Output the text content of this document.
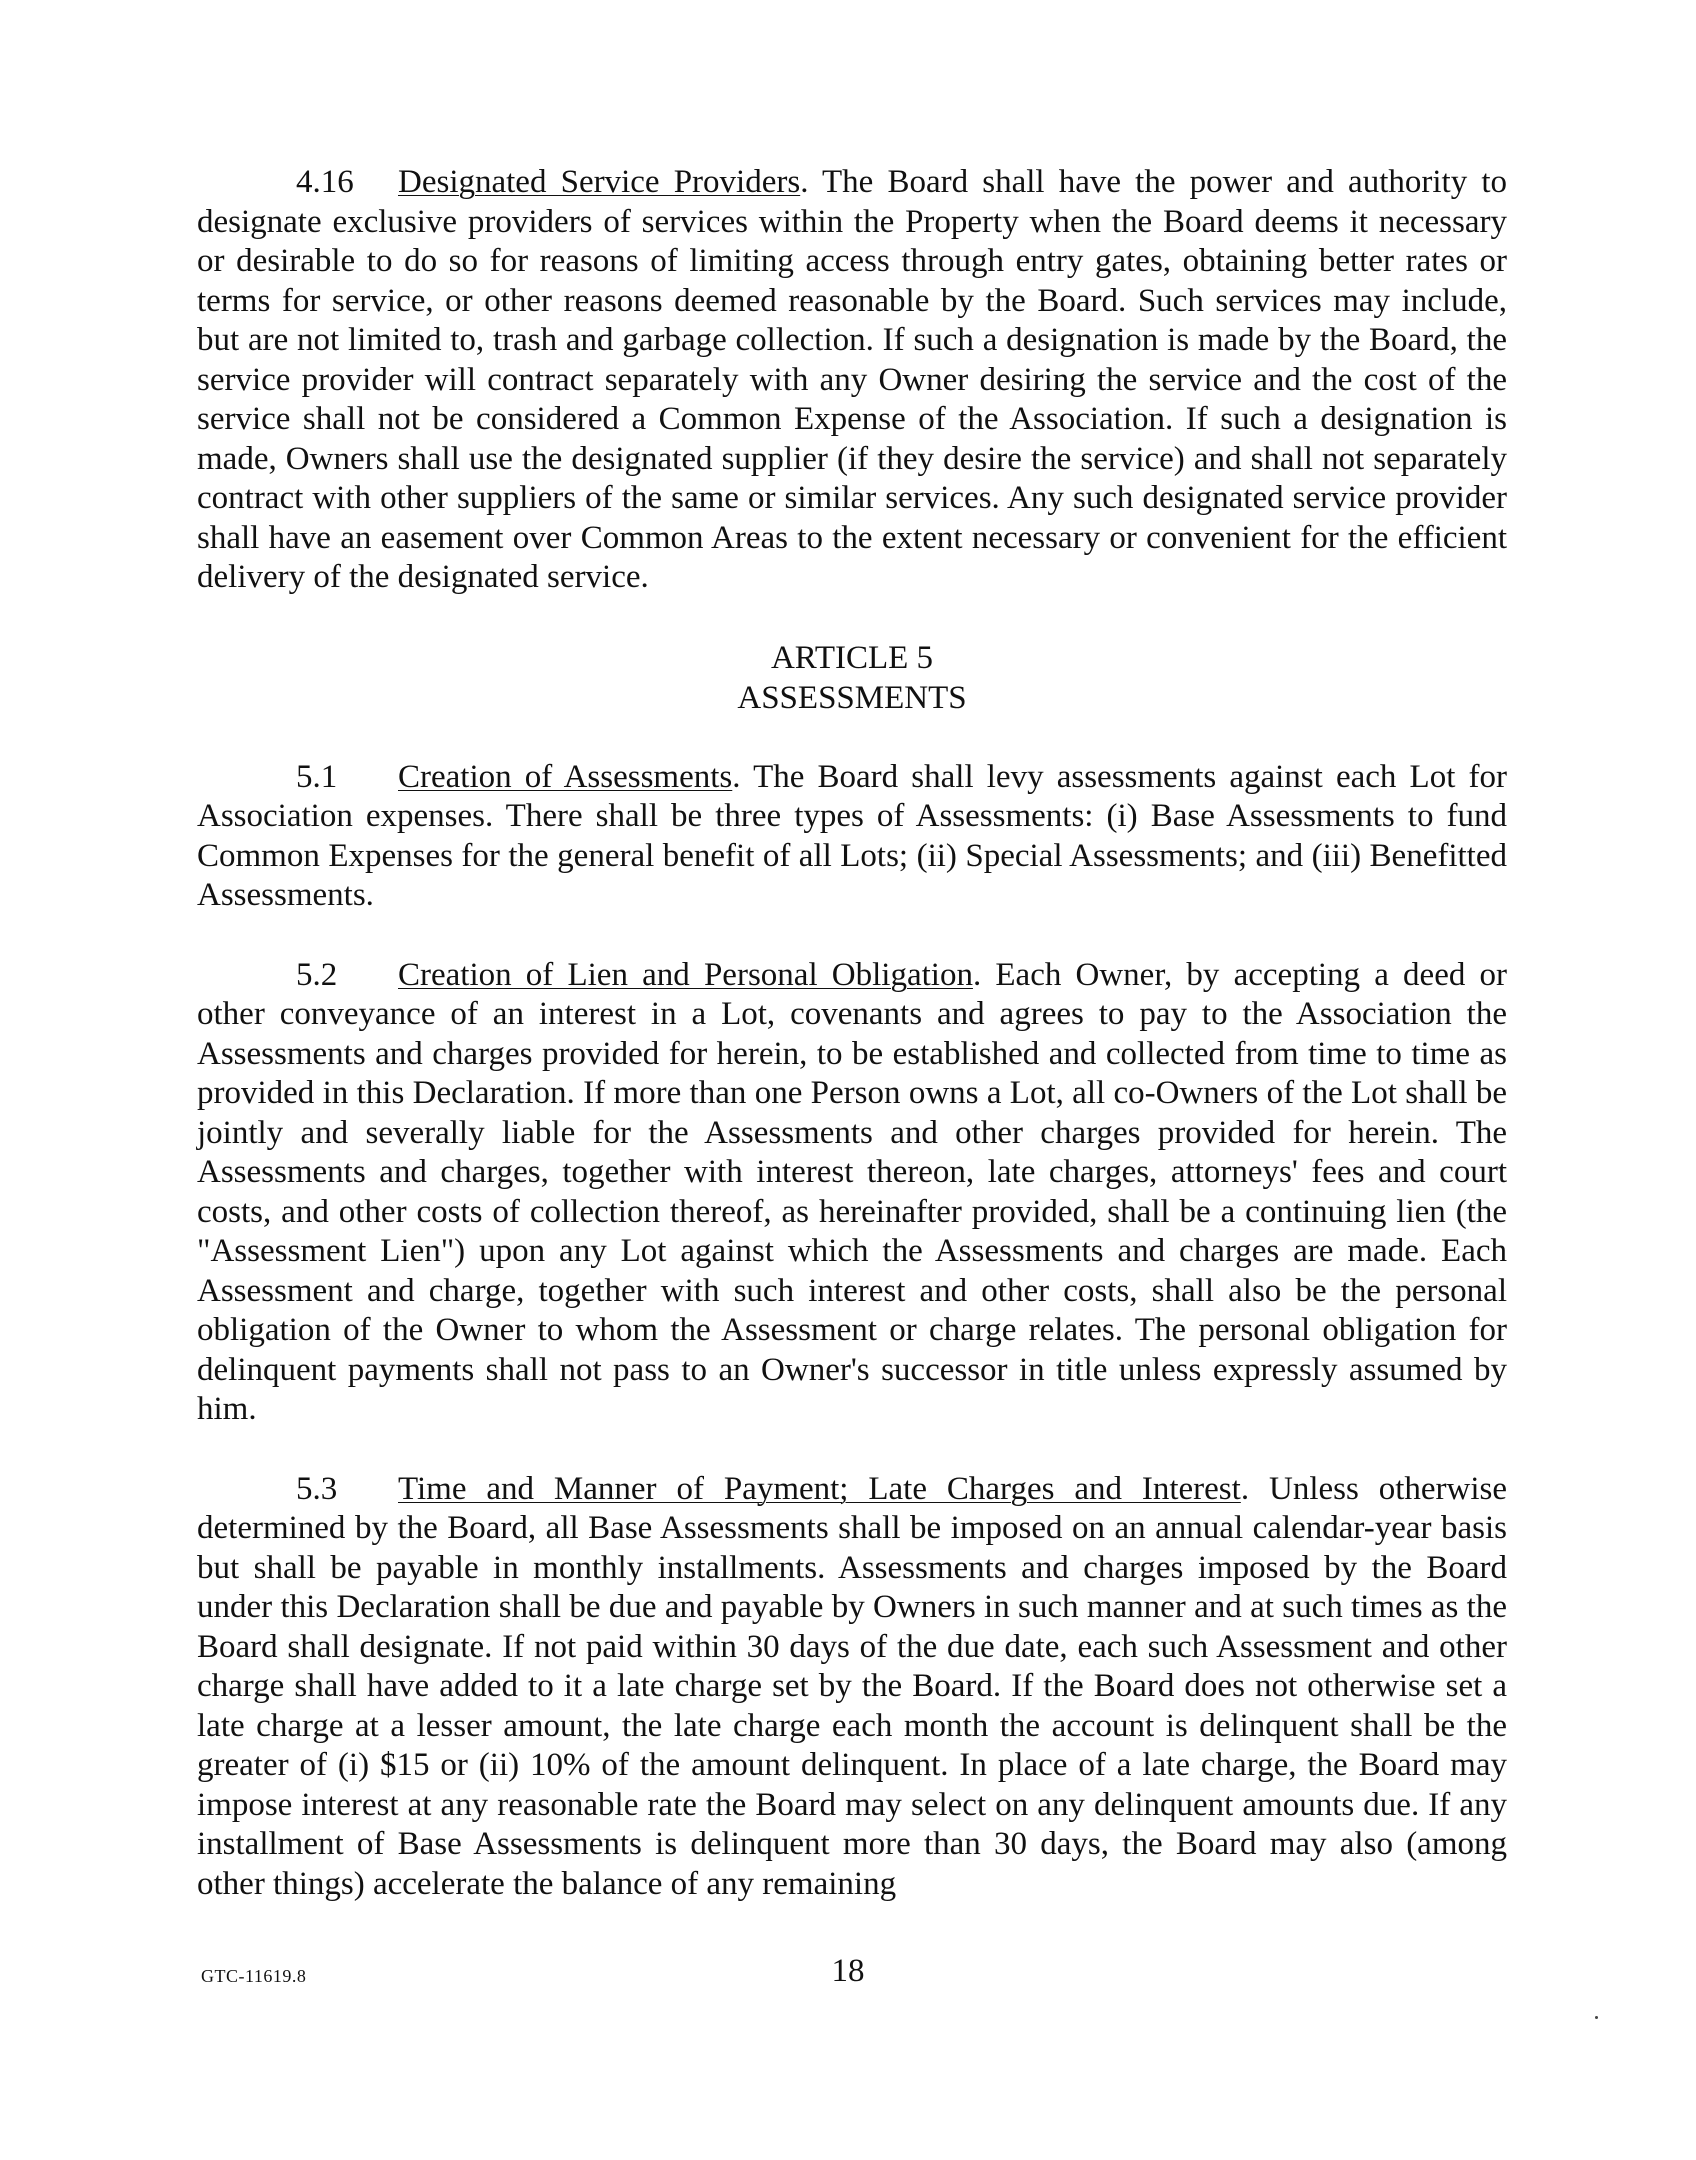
4.16 Designated Service Providers. The Board shall have the power and authority to designate exclusive providers of services within the Property when the Board deems it necessary or desirable to do so for reasons of limiting access through entry gates, obtaining better rates or terms for service, or other reasons deemed reasonable by the Board. Such services may include, but are not limited to, trash and garbage collection. If such a designation is made by the Board, the service provider will contract separately with any Owner desiring the service and the cost of the service shall not be considered a Common Expense of the Association. If such a designation is made, Owners shall use the designated supplier (if they desire the service) and shall not separately contract with other suppliers of the same or similar services. Any such designated service provider shall have an easement over Common Areas to the extent necessary or convenient for the efficient delivery of the designated service.

ARTICLE 5
ASSESSMENTS

5.1 Creation of Assessments. The Board shall levy assessments against each Lot for Association expenses. There shall be three types of Assessments: (i) Base Assessments to fund Common Expenses for the general benefit of all Lots; (ii) Special Assessments; and (iii) Benefitted Assessments.

5.2 Creation of Lien and Personal Obligation. Each Owner, by accepting a deed or other conveyance of an interest in a Lot, covenants and agrees to pay to the Association the Assessments and charges provided for herein, to be established and collected from time to time as provided in this Declaration. If more than one Person owns a Lot, all co-Owners of the Lot shall be jointly and severally liable for the Assessments and other charges provided for herein. The Assessments and charges, together with interest thereon, late charges, attorneys' fees and court costs, and other costs of collection thereof, as hereinafter provided, shall be a continuing lien (the "Assessment Lien") upon any Lot against which the Assessments and charges are made. Each Assessment and charge, together with such interest and other costs, shall also be the personal obligation of the Owner to whom the Assessment or charge relates. The personal obligation for delinquent payments shall not pass to an Owner's successor in title unless expressly assumed by him.

5.3 Time and Manner of Payment; Late Charges and Interest. Unless otherwise determined by the Board, all Base Assessments shall be imposed on an annual calendar-year basis but shall be payable in monthly installments. Assessments and charges imposed by the Board under this Declaration shall be due and payable by Owners in such manner and at such times as the Board shall designate. If not paid within 30 days of the due date, each such Assessment and other charge shall have added to it a late charge set by the Board. If the Board does not otherwise set a late charge at a lesser amount, the late charge each month the account is delinquent shall be the greater of (i) $15 or (ii) 10% of the amount delinquent. In place of a late charge, the Board may impose interest at any reasonable rate the Board may select on any delinquent amounts due. If any installment of Base Assessments is delinquent more than 30 days, the Board may also (among other things) accelerate the balance of any remaining

GTC-11619.8	18
